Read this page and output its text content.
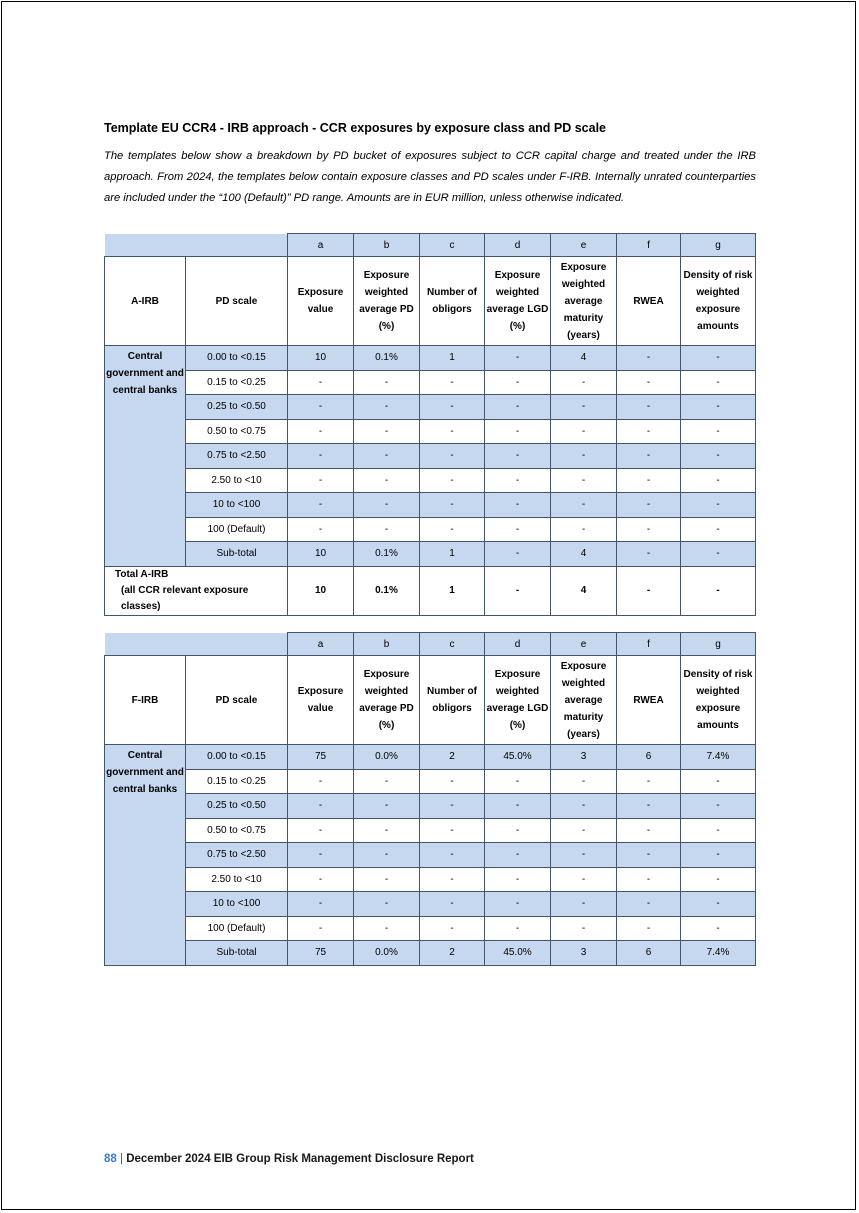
Template EU CCR4 - IRB approach - CCR exposures by exposure class and PD scale
The templates below show a breakdown by PD bucket of exposures subject to CCR capital charge and treated under the IRB approach. From 2024, the templates below contain exposure classes and PD scales under F-IRB. Internally unrated counterparties are included under the “100 (Default)” PD range. Amounts are in EUR million, unless otherwise indicated.
		a	b	c	d	e	f	g
A-IRB	PD scale	Exposure value	Exposure weighted average PD (%)	Number of obligors	Exposure weighted average LGD (%)	Exposure weighted average maturity (years)	RWEA	Density of risk weighted exposure amounts
Central government and central banks	0.00 to <0.15	10	0.1%	1	-	4	-	-
	0.15 to <0.25	-	-	-	-	-	-	-
	0.25 to <0.50	-	-	-	-	-	-	-
	0.50 to <0.75	-	-	-	-	-	-	-
	0.75 to <2.50	-	-	-	-	-	-	-
	2.50 to <10	-	-	-	-	-	-	-
	10 to <100	-	-	-	-	-	-	-
	100 (Default)	-	-	-	-	-	-	-
	Sub-total	10	0.1%	1	-	4	-	-

Total A-IRB
(all CCR relevant exposure classes)		10	0.1%	1	-	4	-	-
		a	b	c	d	e	f	g
F-IRB	PD scale	Exposure value	Exposure weighted average PD (%)	Number of obligors	Exposure weighted average LGD (%)	Exposure weighted average maturity (years)	RWEA	Density of risk weighted exposure amounts
Central government and central banks	0.00 to <0.15	75	0.0%	2	45.0%	3	6	7.4%
	0.15 to <0.25	-	-	-	-	-	-	-
	0.25 to <0.50	-	-	-	-	-	-	-
	0.50 to <0.75	-	-	-	-	-	-	-
	0.75 to <2.50	-	-	-	-	-	-	-
	2.50 to <10	-	-	-	-	-	-	-
	10 to <100	-	-	-	-	-	-	-
	100 (Default)	-	-	-	-	-	-	-
	Sub-total	75	0.0%	2	45.0%	3	6	7.4%
88 | December 2024 EIB Group Risk Management Disclosure Report
